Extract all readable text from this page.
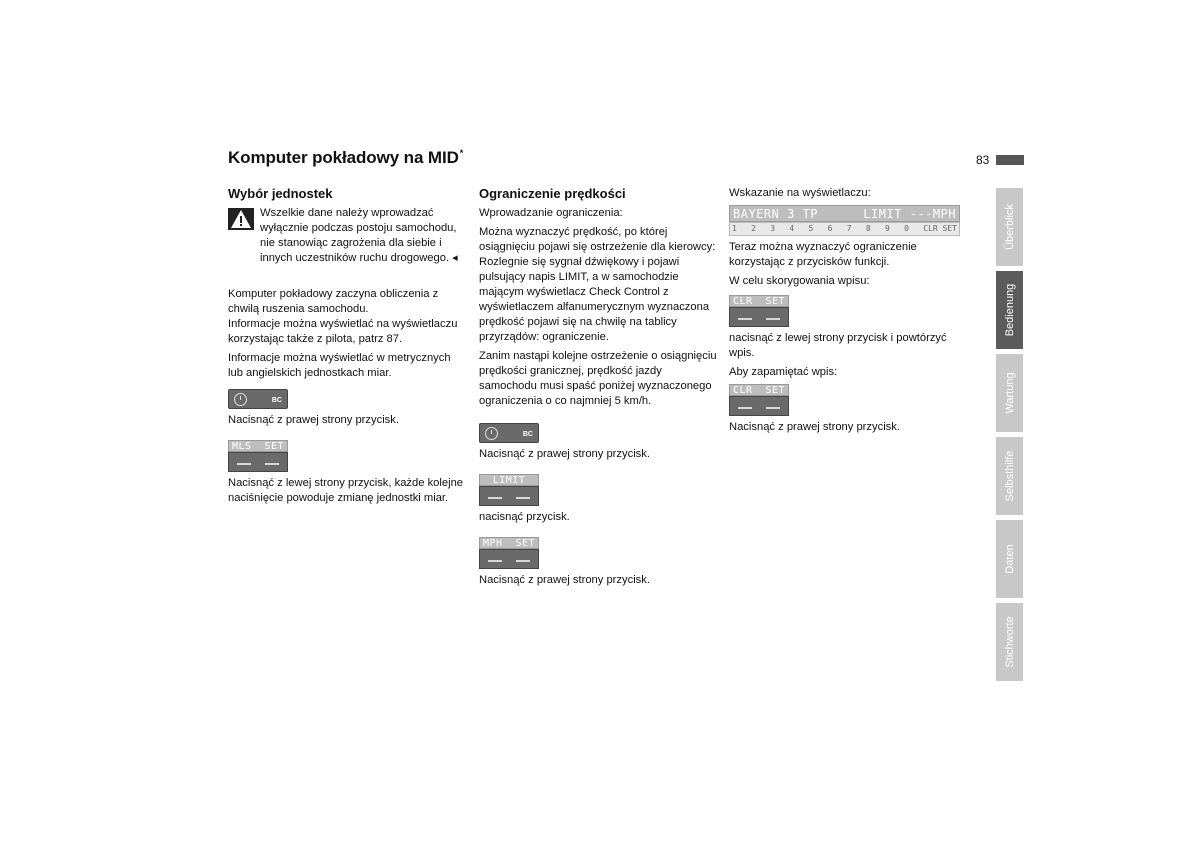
Komputer pokładowy na MID*	83
Wybór jednostek

Wszelkie dane należy wprowadzać wyłącznie podczas postoju samochodu, nie stanowiąc zagrożenia dla siebie i innych uczestników ruchu drogowego. ◂

Komputer pokładowy zaczyna obliczenia z chwilą ruszenia samochodu.

Informacje można wyświetlać na wyświetlaczu korzystając także z pilota, patrz 87.

Informacje można wyświetlać w metrycznych lub angielskich jednostkach miar.

BC

Nacisnąć z prawej strony przycisk.

MLS SET

Nacisnąć z lewej strony przycisk, każde kolejne naciśnięcie powoduje zmianę jednostki miar.

Ograniczenie prędkości

Wprowadzanie ograniczenia:

Można wyznaczyć prędkość, po której osiągnięciu pojawi się ostrzeżenie dla kierowcy: Rozlegnie się sygnał dźwiękowy i pojawi pulsujący napis LIMIT, a w samochodzie mającym wyświetlacz Check Control z wyświetlaczem alfanumerycznym wyznaczona prędkość pojawi się na chwilę na tablicy przyrządów: ograniczenie.

Zanim nastąpi kolejne ostrzeżenie o osiągnięciu prędkości granicznej, prędkość jazdy samochodu musi spaść poniżej wyznaczonego ograniczenia o co najmniej 5 km/h.

BC

Nacisnąć z prawej strony przycisk.

LIMIT

nacisnąć przycisk.

MPH SET

Nacisnąć z prawej strony przycisk.

Wskazanie na wyświetlaczu:

BAYERN 3 TP	LIMIT ---MPH
1 2 3 4 5 6 7 8 9 0 CLR SET

Teraz można wyznaczyć ograniczenie korzystając z przycisków funkcji.

W celu skorygowania wpisu:

CLR SET

nacisnąć z lewej strony przycisk i powtórzyć wpis.

Aby zapamiętać wpis:

CLR SET

Nacisnąć z prawej strony przycisk.

Überblick
Bedienung
Wartung
Selbsthilfe
Daten
Stichworte
